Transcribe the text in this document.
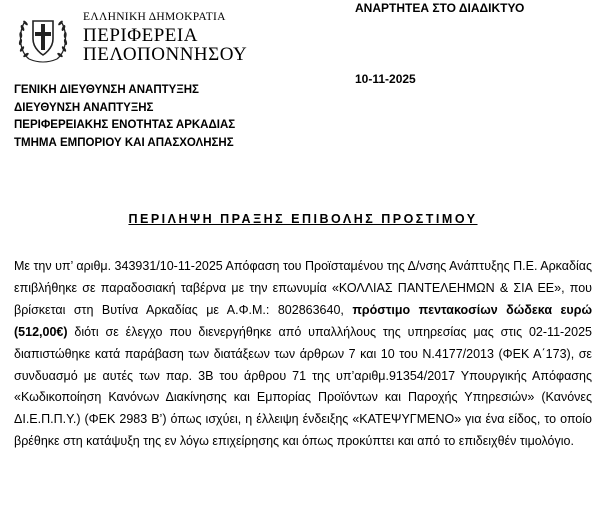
ΕΛΛΗΝΙΚΗ ΔΗΜΟΚΡΑΤΙΑ
ΠΕΡΙΦΕΡΕΙΑ
ΠΕΛΟΠΟΝΝΗΣΟΥ
ΑΝΑΡΤΗΤΕΑ ΣΤΟ ΔΙΑΔΙΚΤΥΟ
10-11-2025
ΓΕΝΙΚΗ ΔΙΕΥΘΥΝΣΗ ΑΝΑΠΤΥΞΗΣ
ΔΙΕΥΘΥΝΣΗ ΑΝΑΠΤΥΞΗΣ
ΠΕΡΙΦΕΡΕΙΑΚΗΣ ΕΝΟΤΗΤΑΣ ΑΡΚΑΔΙΑΣ
ΤΜΗΜΑ ΕΜΠΟΡΙΟΥ ΚΑΙ ΑΠΑΣΧΟΛΗΣΗΣ
ΠΕΡΙΛΗΨΗ ΠΡΑΞΗΣ ΕΠΙΒΟΛΗΣ ΠΡΟΣΤΙΜΟΥ
Με την υπ’ αριθμ. 343931/10-11-2025 Απόφαση του Προϊσταμένου της Δ/νσης Ανάπτυξης Π.Ε. Αρκαδίας επιβλήθηκε σε παραδοσιακή ταβέρνα με την επωνυμία «ΚΟΛΛΙΑΣ ΠΑΝΤΕΛΕΗΜΩΝ & ΣΙΑ ΕΕ», που βρίσκεται στη Βυτίνα Αρκαδίας με Α.Φ.Μ.: 802863640, πρόστιμο πεντακοσίων δώδεκα ευρώ (512,00€) διότι σε έλεγχο που διενεργήθηκε από υπαλλήλους της υπηρεσίας μας στις 02-11-2025 διαπιστώθηκε κατά παράβαση των διατάξεων των άρθρων 7 και 10 του Ν.4177/2013 (ΦΕΚ Α΄173), σε συνδυασμό με αυτές των παρ. 3Β του άρθρου 71 της υπ’αριθμ.91354/2017 Υπουργικής Απόφασης «Κωδικοποίηση Κανόνων Διακίνησης και Εμπορίας Προϊόντων και Παροχής Υπηρεσιών» (Κανόνες ΔΙ.Ε.Π.Π.Υ.) (ΦΕΚ 2983 Β’) όπως ισχύει, η έλλειψη ένδειξης «ΚΑΤΕΨΥΓΜΕΝΟ» για ένα είδος, το οποίο βρέθηκε στη κατάψυξη της εν λόγω επιχείρησης και όπως προκύπτει και από το επιδειχθέν τιμολόγιο.
